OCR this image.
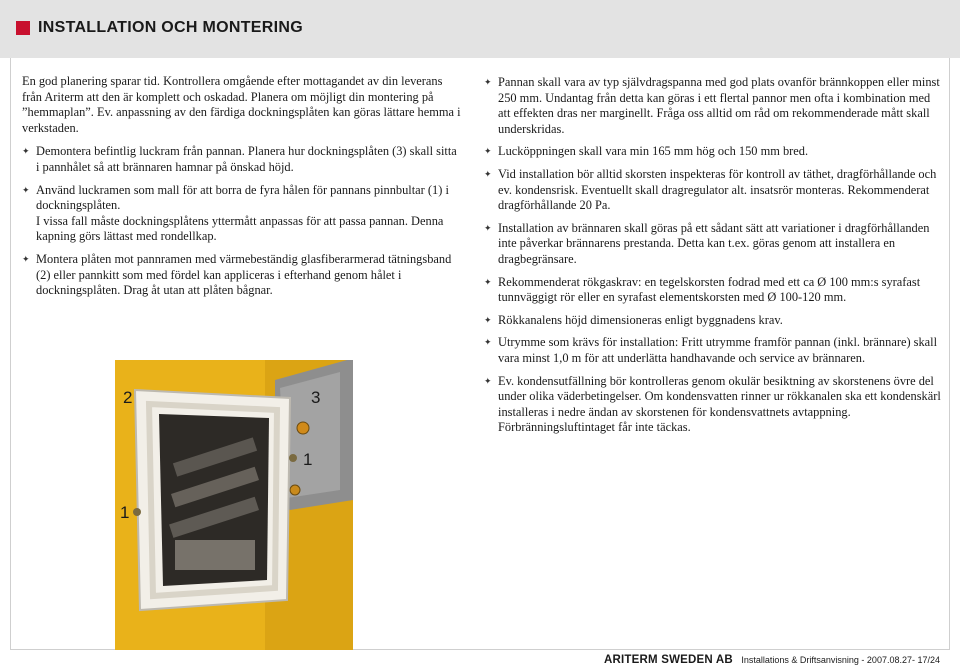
INSTALLATION OCH MONTERING

En god planering sparar tid. Kontrollera omgående efter mottagandet av din leverans från Ariterm att den är komplett och oskadad. Planera om möjligt din montering på ”hemmaplan”. Ev. anpassning av den färdiga dockningsplåten kan göras lättare hemma i verkstaden.

✦ Demontera befintlig luckram från pannan. Planera hur dockningsplåten (3) skall sitta i pannhålet så att brännaren hamnar på önskad höjd.
✦ Använd luckramen som mall för att borra de fyra hålen för pannans pinnbultar (1) i dockningsplåten.
I vissa fall måste dockningsplåtens yttermått anpassas för att passa pannan. Denna kapning görs lättast med rondellkap.
✦ Montera plåten mot pannramen med värmebeständig glasfiberarmerad tätningsband (2) eller pannkitt som med fördel kan appliceras i efterhand genom hålet i dockningsplåten. Drag åt utan att plåten bågnar.
2	3
1
1
✦ Pannan skall vara av typ självdragspanna med god plats ovanför brännkoppen eller minst 250 mm. Undantag från detta kan göras i ett flertal pannor men ofta i kombination med att effekten dras ner marginellt. Fråga oss alltid om råd om rekommenderade mått skall underskridas.
✦ Lucköppningen skall vara min 165 mm hög och 150 mm bred.
✦ Vid installation bör alltid skorsten inspekteras för kontroll av täthet, dragförhållande och ev. kondensrisk. Eventuellt skall dragregulator alt. insatsrör monteras. Rekommenderat dragförhållande 20 Pa.
✦ Installation av brännaren skall göras på ett sådant sätt att variationer i dragförhållanden inte påverkar brännarens prestanda. Detta kan t.ex. göras genom att installera en dragbegränsare.
✦ Rekommenderat rökgaskrav: en tegelskorsten fodrad med ett ca Ø 100 mm:s syrafast tunnväggigt rör eller en syrafast elementskorsten med Ø 100-120 mm.
✦ Rökkanalens höjd dimensioneras enligt byggnadens krav.
✦ Utrymme som krävs för installation: Fritt utrymme framför pannan (inkl. brännare) skall vara minst 1,0 m för att underlätta handhavande och service av brännaren.
✦ Ev. kondensutfällning bör kontrolleras genom okulär besiktning av skorstenens övre del under olika väderbetingelser. Om kondensvatten rinner ur rökkanalen ska ett kondenskärl installeras i nedre ändan av skorstenen för kondensvattnets avtappning. Förbränningsluftintaget får inte täckas.
ARITERM SWEDEN AB Installations & Driftsanvisning - 2007.08.27- 17/24
